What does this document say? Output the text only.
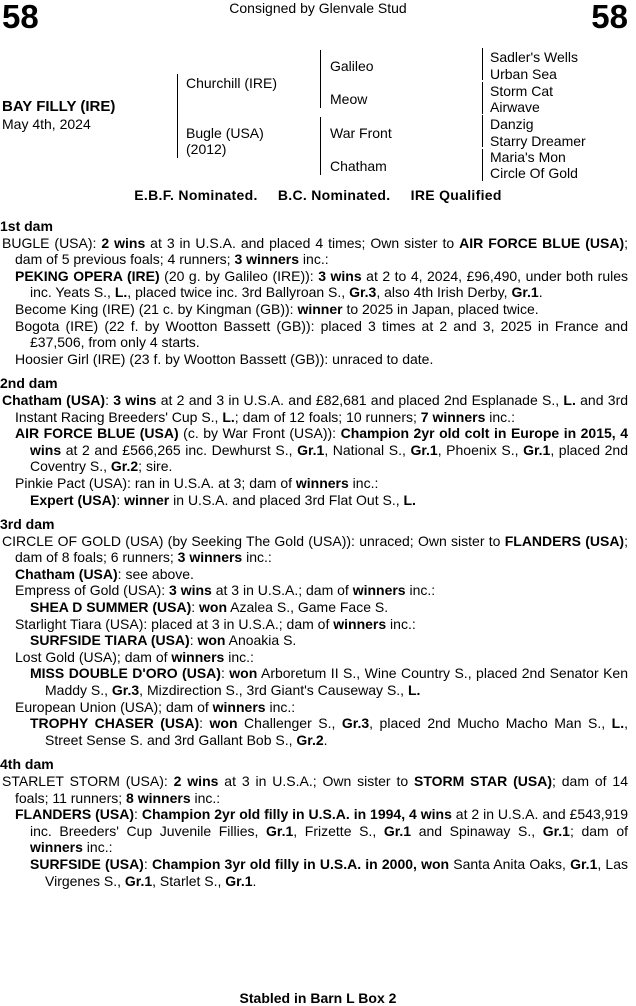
58	Consigned by Glenvale Stud	58
BAY FILLY (IRE)
May 4th, 2024
Churchill (IRE)
Bugle (USA)
(2012)
Galileo
Meow
War Front
Chatham
Sadler's Wells
Urban Sea
Storm Cat
Airwave
Danzig
Starry Dreamer
Maria's Mon
Circle Of Gold
E.B.F. Nominated. B.C. Nominated. IRE Qualified
1st dam
BUGLE (USA): 2 wins at 3 in U.S.A. and placed 4 times; Own sister to AIR FORCE BLUE (USA); dam of 5 previous foals; 4 runners; 3 winners inc.:
PEKING OPERA (IRE) (20 g. by Galileo (IRE)): 3 wins at 2 to 4, 2024, £96,490, under both rules inc. Yeats S., L., placed twice inc. 3rd Ballyroan S., Gr.3, also 4th Irish Derby, Gr.1.
Become King (IRE) (21 c. by Kingman (GB)): winner to 2025 in Japan, placed twice.
Bogota (IRE) (22 f. by Wootton Bassett (GB)): placed 3 times at 2 and 3, 2025 in France and £37,506, from only 4 starts.
Hoosier Girl (IRE) (23 f. by Wootton Bassett (GB)): unraced to date.
2nd dam
Chatham (USA): 3 wins at 2 and 3 in U.S.A. and £82,681 and placed 2nd Esplanade S., L. and 3rd Instant Racing Breeders' Cup S., L.; dam of 12 foals; 10 runners; 7 winners inc.:
AIR FORCE BLUE (USA) (c. by War Front (USA)): Champion 2yr old colt in Europe in 2015, 4 wins at 2 and £566,265 inc. Dewhurst S., Gr.1, National S., Gr.1, Phoenix S., Gr.1, placed 2nd Coventry S., Gr.2; sire.
Pinkie Pact (USA): ran in U.S.A. at 3; dam of winners inc.:
Expert (USA): winner in U.S.A. and placed 3rd Flat Out S., L.
3rd dam
CIRCLE OF GOLD (USA) (by Seeking The Gold (USA)): unraced; Own sister to FLANDERS (USA); dam of 8 foals; 6 runners; 3 winners inc.:
Chatham (USA): see above.
Empress of Gold (USA): 3 wins at 3 in U.S.A.; dam of winners inc.:
SHEA D SUMMER (USA): won Azalea S., Game Face S.
Starlight Tiara (USA): placed at 3 in U.S.A.; dam of winners inc.:
SURFSIDE TIARA (USA): won Anoakia S.
Lost Gold (USA); dam of winners inc.:
MISS DOUBLE D'ORO (USA): won Arboretum II S., Wine Country S., placed 2nd Senator Ken Maddy S., Gr.3, Mizdirection S., 3rd Giant's Causeway S., L.
European Union (USA); dam of winners inc.:
TROPHY CHASER (USA): won Challenger S., Gr.3, placed 2nd Mucho Macho Man S., L., Street Sense S. and 3rd Gallant Bob S., Gr.2.
4th dam
STARLET STORM (USA): 2 wins at 3 in U.S.A.; Own sister to STORM STAR (USA); dam of 14 foals; 11 runners; 8 winners inc.:
FLANDERS (USA): Champion 2yr old filly in U.S.A. in 1994, 4 wins at 2 in U.S.A. and £543,919 inc. Breeders' Cup Juvenile Fillies, Gr.1, Frizette S., Gr.1 and Spinaway S., Gr.1; dam of winners inc.:
SURFSIDE (USA): Champion 3yr old filly in U.S.A. in 2000, won Santa Anita Oaks, Gr.1, Las Virgenes S., Gr.1, Starlet S., Gr.1.
Stabled in Barn L Box 2
